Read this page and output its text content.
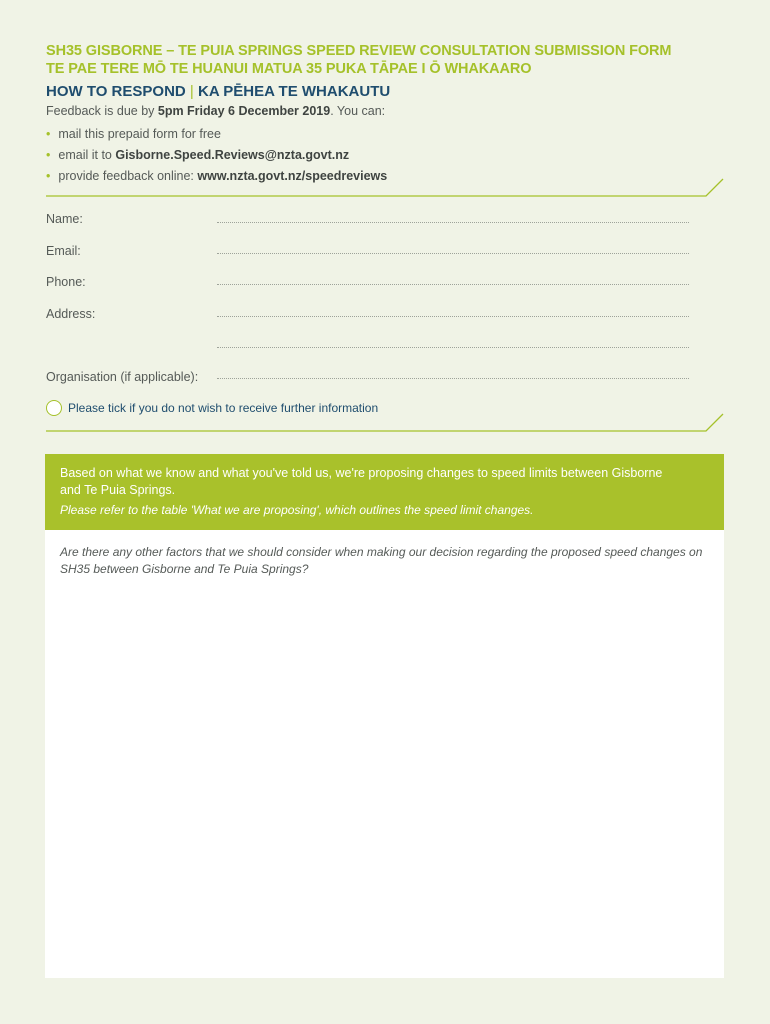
SH35 GISBORNE – TE PUIA SPRINGS SPEED REVIEW CONSULTATION SUBMISSION FORM
TE PAE TERE MŌ TE HUANUI MATUA 35 PUKA TĀPAE I Ō WHAKAARO
HOW TO RESPOND | KA PĒHEA TE WHAKAUTU
Feedback is due by 5pm Friday 6 December 2019. You can:
• mail this prepaid form for free
• email it to Gisborne.Speed.Reviews@nzta.govt.nz
• provide feedback online: www.nzta.govt.nz/speedreviews
Name:
Email:
Phone:
Address:
Organisation (if applicable):
Please tick if you do not wish to receive further information
Based on what we know and what you've told us, we're proposing changes to speed limits between Gisborne and Te Puia Springs.
Please refer to the table 'What we are proposing', which outlines the speed limit changes.
Are there any other factors that we should consider when making our decision regarding the proposed speed changes on SH35 between Gisborne and Te Puia Springs?
